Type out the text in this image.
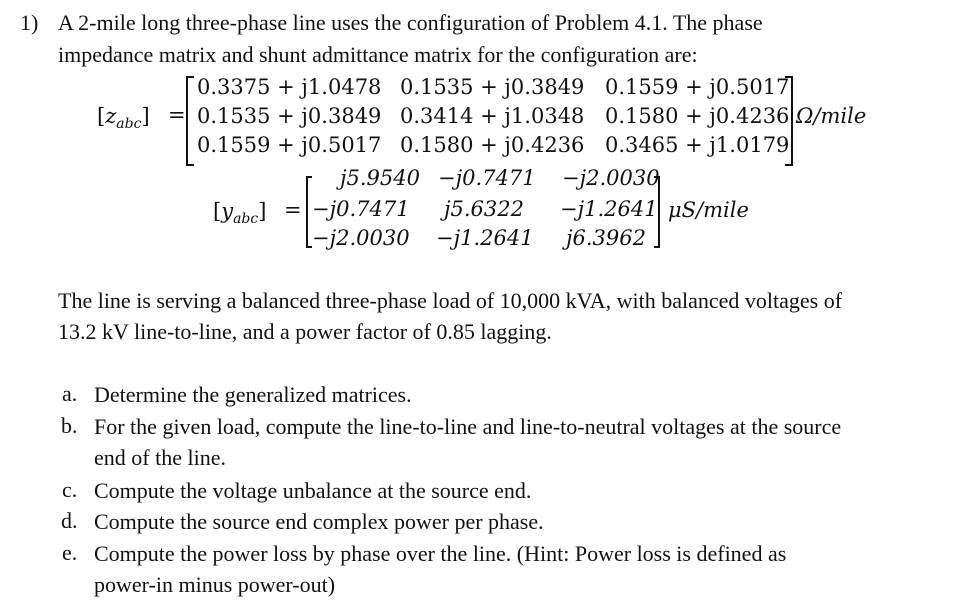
1) A 2-mile long three-phase line uses the configuration of Problem 4.1. The phase
impedance matrix and shunt admittance matrix for the configuration are:
$[z_{abc}]$ =
0.3375 + j1.0478 0.1535 + j0.3849 0.1559 + j0.5017
0.1535 + j0.3849 0.3414 + j1.0348 0.1580 + j0.4236
0.1559 + j0.5017 0.1580 + j0.4236 0.3465 + j1.0179
Ω/mile
$[y_{abc}]$ =
j5.9540 −j0.7471 −j2.0030
−j0.7471 j5.6322 −j1.2641
−j2.0030 −j1.2641 j6.3962
μS/mile
The line is serving a balanced three-phase load of 10,000 kVA, with balanced voltages of
13.2 kV line-to-line, and a power factor of 0.85 lagging.
a. Determine the generalized matrices.
b. For the given load, compute the line-to-line and line-to-neutral voltages at the source
end of the line.
c. Compute the voltage unbalance at the source end.
d. Compute the source end complex power per phase.
e. Compute the power loss by phase over the line. (Hint: Power loss is defined as
power-in minus power-out)
